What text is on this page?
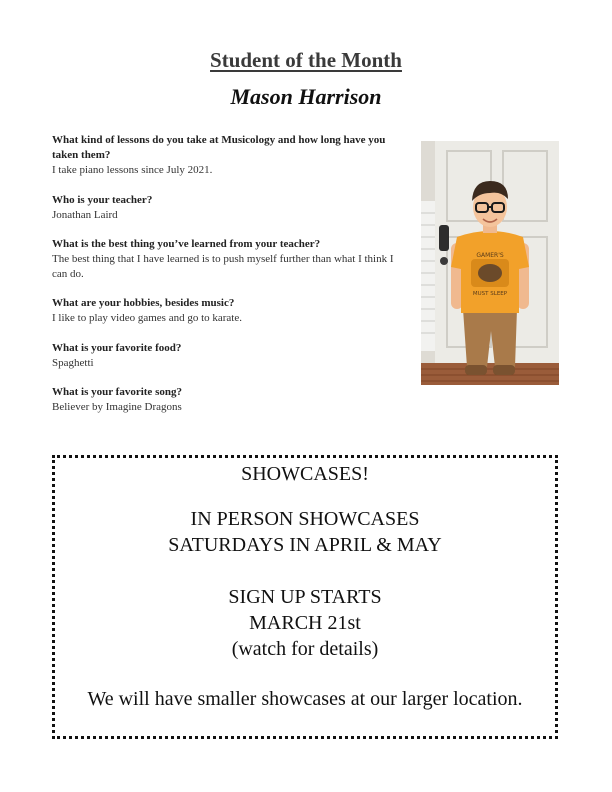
Student of the Month
Mason Harrison
What kind of lessons do you take at Musicology and how long have you taken them?
I take piano lessons since July 2021.
Who is your teacher?
Jonathan Laird
What is the best thing you’ve learned from your teacher?
The best thing that I have learned is to push myself further than what I think I can do.
What are your hobbies, besides music?
I like to play video games and go to karate.
What is your favorite food?
Spaghetti
What is your favorite song?
Believer by Imagine Dragons
GAMER'S
MUST SLEEP
SHOWCASES!
IN PERSON SHOWCASES
SATURDAYS IN APRIL & MAY
SIGN UP STARTS
MARCH 21st
(watch for details)
We will have smaller showcases at our larger location.
